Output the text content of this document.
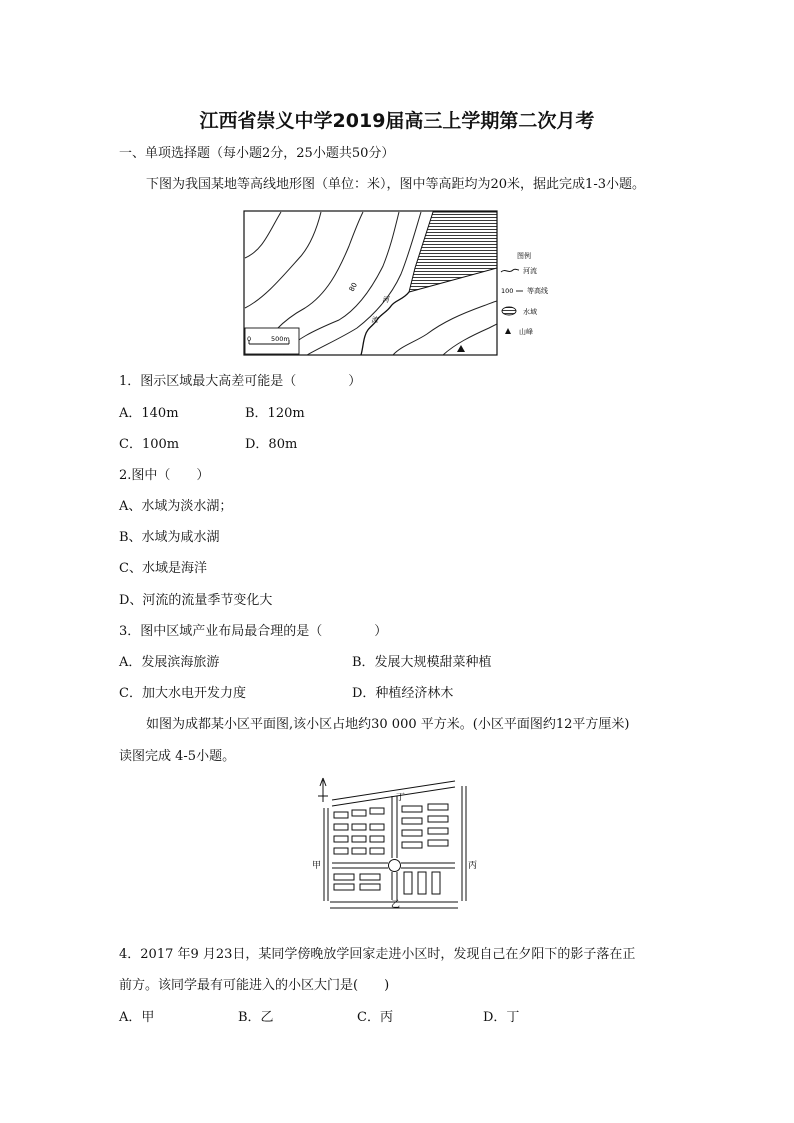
江西省崇义中学2019届高三上学期第二次月考
一、单项选择题（每小题2分，25小题共50分）
下图为我国某地等高线地形图（单位：米），图中等高距均为20米，据此完成1-3小题。
80
河
流
0	500m
图例
河流
100 等高线
水域
山峰
1．图示区域最大高差可能是（　　　　）
A．140m	B．120m
C．100m	D．80m
2.图中（　　）
A、水域为淡水湖；
B、水域为咸水湖
C、水域是海洋
D、河流的流量季节变化大
3．图中区域产业布局最合理的是（　　　　）
A．发展滨海旅游	B．发展大规模甜菜种植
C．加大水电开发力度	D．种植经济林木
如图为成都某小区平面图,该小区占地约30 000 平方米。(小区平面图约12平方厘米)
读图完成 4-5小题。
丁
甲	丙
乙
4．2017 年9 月23日，某同学傍晚放学回家走进小区时，发现自己在夕阳下的影子落在正
前方。该同学最有可能进入的小区大门是(　　)
A．甲	B．乙	C．丙	D．丁
